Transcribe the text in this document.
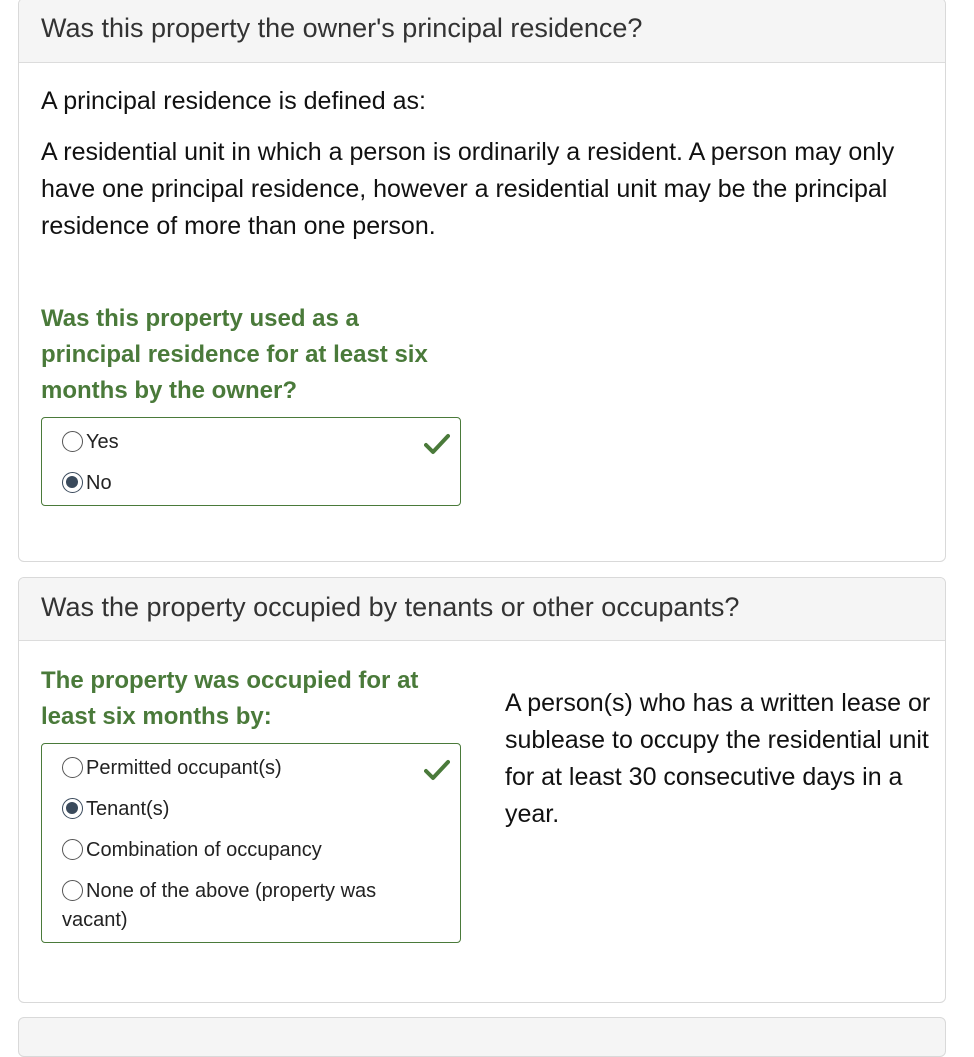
Was this property the owner's principal residence?

A principal residence is defined as:

A residential unit in which a person is ordinarily a resident. A person may only have one principal residence, however a residential unit may be the principal residence of more than one person.

Was this property used as a principal residence for at least six months by the owner?

Yes
No
Was the property occupied by tenants or other occupants?

The property was occupied for at least six months by:	A person(s) who has a written lease or sublease to occupy the residential unit for at least 30 consecutive days in a year.

Permitted occupant(s)
Tenant(s)
Combination of occupancy
None of the above (property was vacant)
